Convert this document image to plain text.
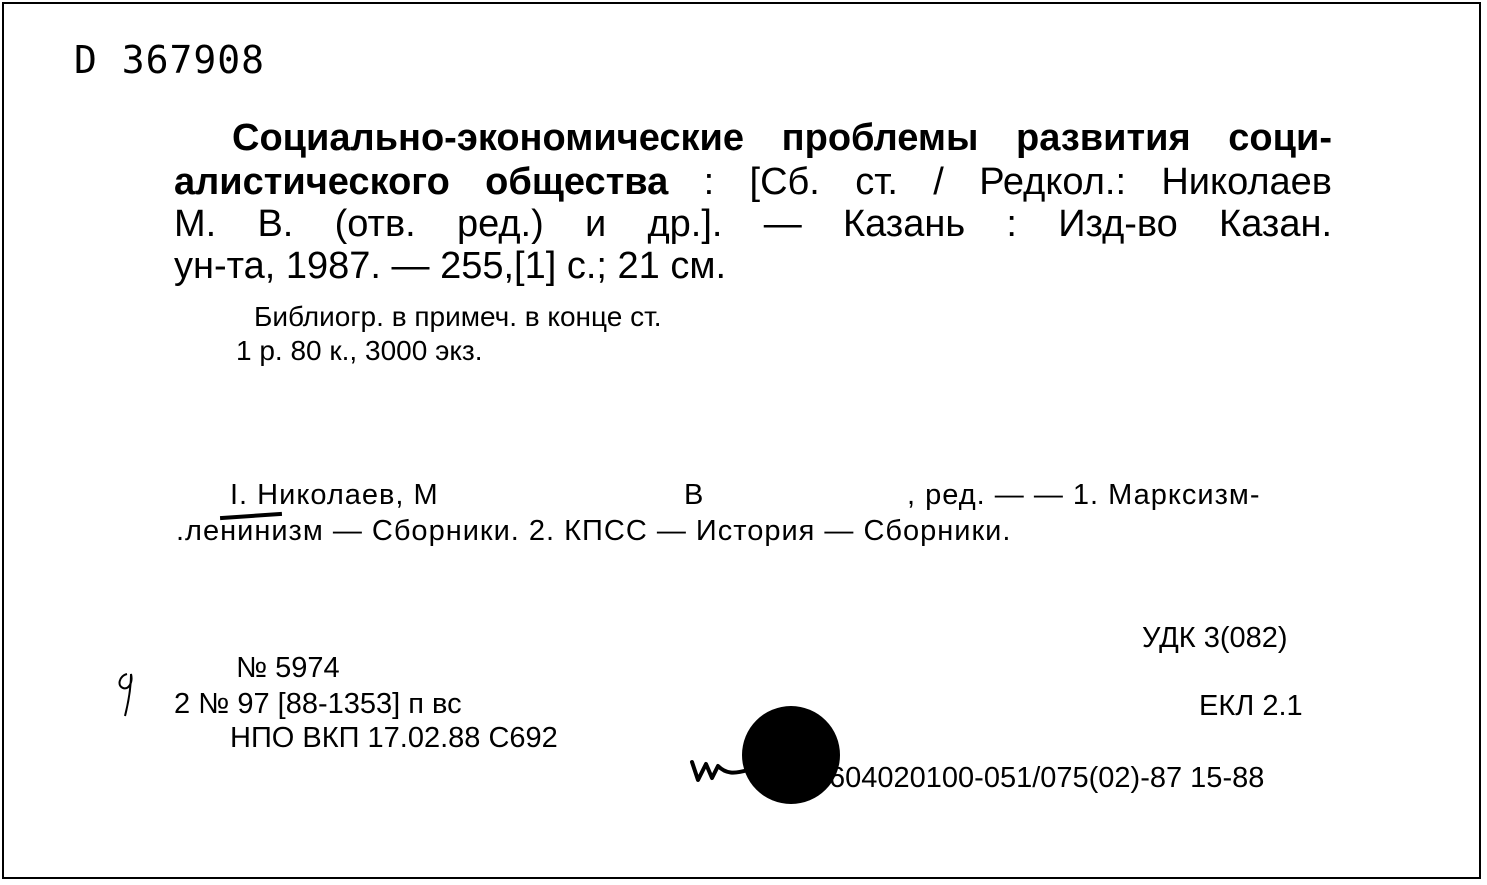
D 367908
Социально-экономические проблемы развития соци-
алистического общества : [Сб. ст. / Редкол.: Николаев
М. В. (отв. ред.) и др.]. — Казань : Изд-во Казан.
ун-та, 1987. — 255,[1] с.; 21 см.
Библиогр. в примеч. в конце ст.
1 р. 80 к., 3000 экз.
I. Николаев, М	В	, ред. — — 1. Марксизм-
.ленинизм — Сборники. 2. КПСС — История — Сборники.
УДК 3(082)
ЕКЛ 2.1
№ 5974
2 № 97 [88-1353] п вс
НПО ВКП 17.02.88 С692
604020100-051/075(02)-87 15-88
